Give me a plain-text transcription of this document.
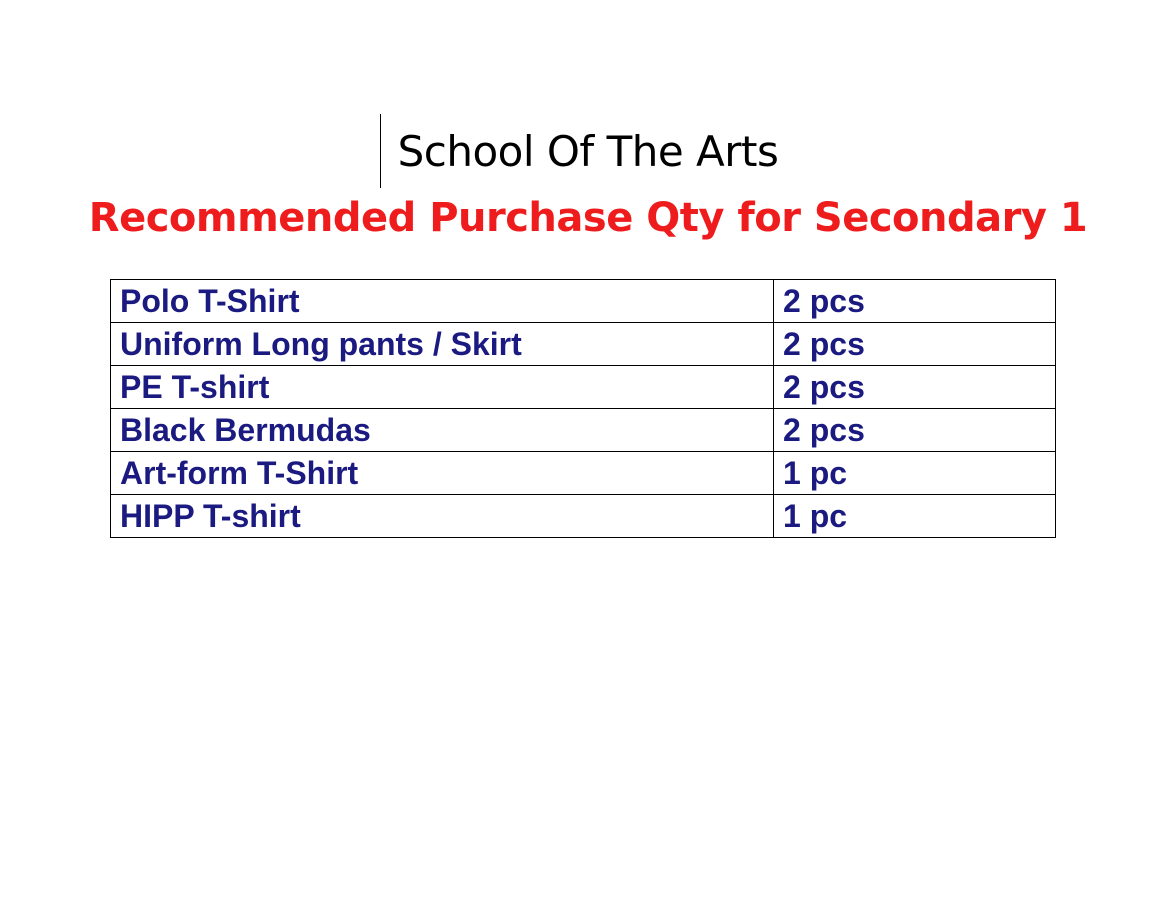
School Of The Arts
Recommended Purchase Qty for Secondary 1
Polo T-Shirt	2 pcs
Uniform Long pants / Skirt	2 pcs
PE T-shirt	2 pcs
Black Bermudas	2 pcs
Art-form T-Shirt	1 pc
HIPP T-shirt	1 pc
